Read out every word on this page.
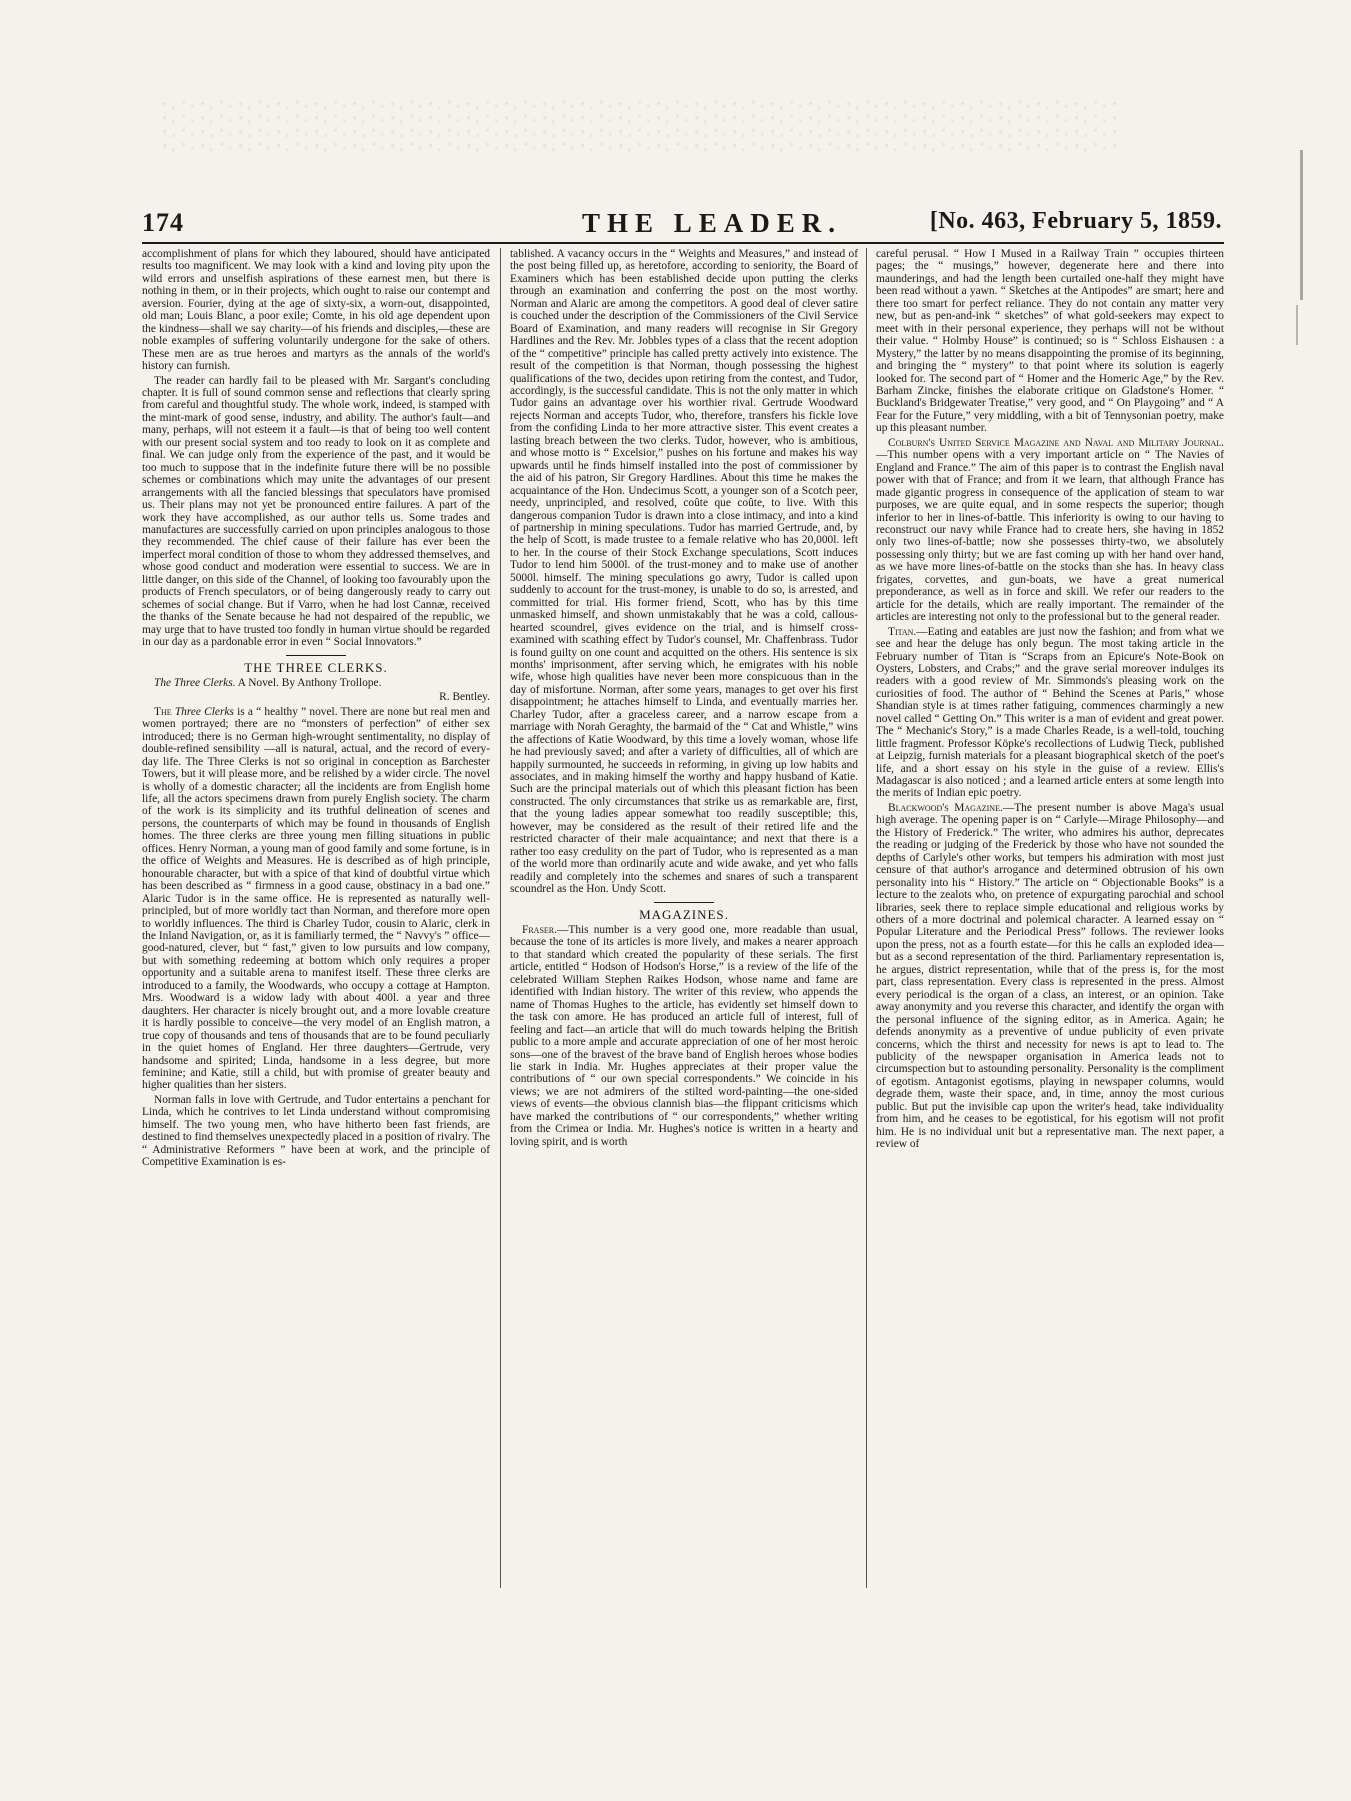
174	THE LEADER.	[No. 463, February 5, 1859.

accomplishment of plans for which they laboured, should have anticipated results too magnificent. We may look with a kind and loving pity upon the wild errors and unselfish aspirations of these earnest men, but there is nothing in them, or in their projects, which ought to raise our contempt and aversion. Fourier, dying at the age of sixty-six, a worn-out, disappointed, old man; Louis Blanc, a poor exile; Comte, in his old age dependent upon the kindness—shall we say charity—of his friends and disciples,—these are noble examples of suffering voluntarily undergone for the sake of others. These men are as true heroes and martyrs as the annals of the world's history can furnish.

The reader can hardly fail to be pleased with Mr. Sargant's concluding chapter. It is full of sound common sense and reflections that clearly spring from careful and thoughtful study. The whole work, indeed, is stamped with the mint-mark of good sense, industry, and ability. The author's fault—and many, perhaps, will not esteem it a fault—is that of being too well content with our present social system and too ready to look on it as complete and final. We can judge only from the experience of the past, and it would be too much to suppose that in the indefinite future there will be no possible schemes or combinations which may unite the advantages of our present arrangements with all the fancied blessings that speculators have promised us. Their plans may not yet be pronounced entire failures. A part of the work they have accomplished, as our author tells us. Some trades and manufactures are successfully carried on upon principles analogous to those they recommended. The chief cause of their failure has ever been the imperfect moral condition of those to whom they addressed themselves, and whose good conduct and moderation were essential to success. We are in little danger, on this side of the Channel, of looking too favourably upon the products of French speculators, or of being dangerously ready to carry out schemes of social change. But if Varro, when he had lost Cannæ, received the thanks of the Senate because he had not despaired of the republic, we may urge that to have trusted too fondly in human virtue should be regarded in our day as a pardonable error in even “ Social Innovators.”

THE THREE CLERKS.

The Three Clerks. A Novel. By Anthony Trollope.

R. Bentley.

The Three Clerks is a “ healthy ” novel. There are none but real men and women portrayed; there are no “monsters of perfection” of either sex introduced; there is no German high-wrought sentimentality, no display of double-refined sensibility —all is natural, actual, and the record of every-day life. The Three Clerks is not so original in conception as Barchester Towers, but it will please more, and be relished by a wider circle. The novel is wholly of a domestic character; all the incidents are from English home life, all the actors specimens drawn from purely English society. The charm of the work is its simplicity and its truthful delineation of scenes and persons, the counterparts of which may be found in thousands of English homes. The three clerks are three young men filling situations in public offices. Henry Norman, a young man of good family and some fortune, is in the office of Weights and Measures. He is described as of high principle, honourable character, but with a spice of that kind of doubtful virtue which has been described as “ firmness in a good cause, obstinacy in a bad one.” Alaric Tudor is in the same office. He is represented as naturally well-principled, but of more worldly tact than Norman, and therefore more open to worldly influences. The third is Charley Tudor, cousin to Alaric, clerk in the Inland Navigation, or, as it is familiarly termed, the “ Navvy's ” office—good-natured, clever, but “ fast,” given to low pursuits and low company, but with something redeeming at bottom which only requires a proper opportunity and a suitable arena to manifest itself. These three clerks are introduced to a family, the Woodwards, who occupy a cottage at Hampton. Mrs. Woodward is a widow lady with about 400l. a year and three daughters. Her character is nicely brought out, and a more lovable creature it is hardly possible to conceive—the very model of an English matron, a true copy of thousands and tens of thousands that are to be found peculiarly in the quiet homes of England. Her three daughters—Gertrude, very handsome and spirited; Linda, handsome in a less degree, but more feminine; and Katie, still a child, but with promise of greater beauty and higher qualities than her sisters.

Norman falls in love with Gertrude, and Tudor entertains a penchant for Linda, which he contrives to let Linda understand without compromising himself. The two young men, who have hitherto been fast friends, are destined to find themselves unexpectedly placed in a position of rivalry. The “ Administrative Reformers ” have been at work, and the principle of Competitive Examination is es-

tablished. A vacancy occurs in the “ Weights and Measures,” and instead of the post being filled up, as heretofore, according to seniority, the Board of Examiners which has been established decide upon putting the clerks through an examination and conferring the post on the most worthy. Norman and Alaric are among the competitors. A good deal of clever satire is couched under the description of the Commissioners of the Civil Service Board of Examination, and many readers will recognise in Sir Gregory Hardlines and the Rev. Mr. Jobbles types of a class that the recent adoption of the “ competitive” principle has called pretty actively into existence. The result of the competition is that Norman, though possessing the highest qualifications of the two, decides upon retiring from the contest, and Tudor, accordingly, is the successful candidate. This is not the only matter in which Tudor gains an advantage over his worthier rival. Gertrude Woodward rejects Norman and accepts Tudor, who, therefore, transfers his fickle love from the confiding Linda to her more attractive sister. This event creates a lasting breach between the two clerks. Tudor, however, who is ambitious, and whose motto is “ Excelsior,” pushes on his fortune and makes his way upwards until he finds himself installed into the post of commissioner by the aid of his patron, Sir Gregory Hardlines. About this time he makes the acquaintance of the Hon. Undecimus Scott, a younger son of a Scotch peer, needy, unprincipled, and resolved, coûte que coûte, to live. With this dangerous companion Tudor is drawn into a close intimacy, and into a kind of partnership in mining speculations. Tudor has married Gertrude, and, by the help of Scott, is made trustee to a female relative who has 20,000l. left to her. In the course of their Stock Exchange speculations, Scott induces Tudor to lend him 5000l. of the trust-money and to make use of another 5000l. himself. The mining speculations go awry, Tudor is called upon suddenly to account for the trust-money, is unable to do so, is arrested, and committed for trial. His former friend, Scott, who has by this time unmasked himself, and shown unmistakably that he was a cold, callous-hearted scoundrel, gives evidence on the trial, and is himself cross-examined with scathing effect by Tudor's counsel, Mr. Chaffenbrass. Tudor is found guilty on one count and acquitted on the others. His sentence is six months' imprisonment, after serving which, he emigrates with his noble wife, whose high qualities have never been more conspicuous than in the day of misfortune. Norman, after some years, manages to get over his first disappointment; he attaches himself to Linda, and eventually marries her. Charley Tudor, after a graceless career, and a narrow escape from a marriage with Norah Geraghty, the barmaid of the “ Cat and Whistle,” wins the affections of Katie Woodward, by this time a lovely woman, whose life he had previously saved; and after a variety of difficulties, all of which are happily surmounted, he succeeds in reforming, in giving up low habits and associates, and in making himself the worthy and happy husband of Katie. Such are the principal materials out of which this pleasant fiction has been constructed. The only circumstances that strike us as remarkable are, first, that the young ladies appear somewhat too readily susceptible; this, however, may be considered as the result of their retired life and the restricted character of their male acquaintance; and next that there is a rather too easy credulity on the part of Tudor, who is represented as a man of the world more than ordinarily acute and wide awake, and yet who falls readily and completely into the schemes and snares of such a transparent scoundrel as the Hon. Undy Scott.

MAGAZINES.

Fraser.—This number is a very good one, more readable than usual, because the tone of its articles is more lively, and makes a nearer approach to that standard which created the popularity of these serials. The first article, entitled “ Hodson of Hodson's Horse,” is a review of the life of the celebrated William Stephen Raikes Hodson, whose name and fame are identified with Indian history. The writer of this review, who appends the name of Thomas Hughes to the article, has evidently set himself down to the task con amore. He has produced an article full of interest, full of feeling and fact—an article that will do much towards helping the British public to a more ample and accurate appreciation of one of her most heroic sons—one of the bravest of the brave band of English heroes whose bodies lie stark in India. Mr. Hughes appreciates at their proper value the contributions of “ our own special correspondents.” We coincide in his views; we are not admirers of the stilted word-painting—the one-sided views of events—the obvious clannish bias—the flippant criticisms which have marked the contributions of “ our correspondents,” whether writing from the Crimea or India. Mr. Hughes's notice is written in a hearty and loving spirit, and is worth

careful perusal. “ How I Mused in a Railway Train ” occupies thirteen pages; the “ musings,” however, degenerate here and there into maunderings, and had the length been curtailed one-half they might have been read without a yawn. “ Sketches at the Antipodes” are smart; here and there too smart for perfect reliance. They do not contain any matter very new, but as pen-and-ink “ sketches” of what gold-seekers may expect to meet with in their personal experience, they perhaps will not be without their value. “ Holmby House” is continued; so is “ Schloss Eishausen : a Mystery,” the latter by no means disappointing the promise of its beginning, and bringing the “ mystery” to that point where its solution is eagerly looked for. The second part of “ Homer and the Homeric Age,” by the Rev. Barham Zincke, finishes the elaborate critique on Gladstone's Homer. “ Buckland's Bridgewater Treatise,” very good, and “ On Playgoing” and “ A Fear for the Future,” very middling, with a bit of Tennysonian poetry, make up this pleasant number.

Colburn's United Service Magazine and Naval and Military Journal.—This number opens with a very important article on “ The Navies of England and France.” The aim of this paper is to contrast the English naval power with that of France; and from it we learn, that although France has made gigantic progress in consequence of the application of steam to war purposes, we are quite equal, and in some respects the superior; though inferior to her in lines-of-battle. This inferiority is owing to our having to reconstruct our navy while France had to create hers, she having in 1852 only two lines-of-battle; now she possesses thirty-two, we absolutely possessing only thirty; but we are fast coming up with her hand over hand, as we have more lines-of-battle on the stocks than she has. In heavy class frigates, corvettes, and gun-boats, we have a great numerical preponderance, as well as in force and skill. We refer our readers to the article for the details, which are really important. The remainder of the articles are interesting not only to the professional but to the general reader.

Titan.—Eating and eatables are just now the fashion; and from what we see and hear the deluge has only begun. The most taking article in the February number of Titan is “Scraps from an Epicure's Note-Book on Oysters, Lobsters, and Crabs;” and the grave serial moreover indulges its readers with a good review of Mr. Simmonds's pleasing work on the curiosities of food. The author of “ Behind the Scenes at Paris,” whose Shandian style is at times rather fatiguing, commences charmingly a new novel called “ Getting On.” This writer is a man of evident and great power. The “ Mechanic's Story,” is a made Charles Reade, is a well-told, touching little fragment. Professor Köpke's recollections of Ludwig Tieck, published at Leipzig, furnish materials for a pleasant biographical sketch of the poet's life, and a short essay on his style in the guise of a review. Ellis's Madagascar is also noticed ; and a learned article enters at some length into the merits of Indian epic poetry.

Blackwood's Magazine.—The present number is above Maga's usual high average. The opening paper is on “ Carlyle—Mirage Philosophy—and the History of Frederick.” The writer, who admires his author, deprecates the reading or judging of the Frederick by those who have not sounded the depths of Carlyle's other works, but tempers his admiration with most just censure of that author's arrogance and determined obtrusion of his own personality into his “ History.” The article on “ Objectionable Books” is a lecture to the zealots who, on pretence of expurgating parochial and school libraries, seek there to replace simple educational and religious works by others of a more doctrinal and polemical character. A learned essay on “ Popular Literature and the Periodical Press” follows. The reviewer looks upon the press, not as a fourth estate—for this he calls an exploded idea—but as a second representation of the third. Parliamentary representation is, he argues, district representation, while that of the press is, for the most part, class representation. Every class is represented in the press. Almost every periodical is the organ of a class, an interest, or an opinion. Take away anonymity and you reverse this character, and identify the organ with the personal influence of the signing editor, as in America. Again; he defends anonymity as a preventive of undue publicity of even private concerns, which the thirst and necessity for news is apt to lead to. The publicity of the newspaper organisation in America leads not to circumspection but to astounding personality. Personality is the compliment of egotism. Antagonist egotisms, playing in newspaper columns, would degrade them, waste their space, and, in time, annoy the most curious public. But put the invisible cap upon the writer's head, take individuality from him, and he ceases to be egotistical, for his egotism will not profit him. He is no individual unit but a representative man. The next paper, a review of
